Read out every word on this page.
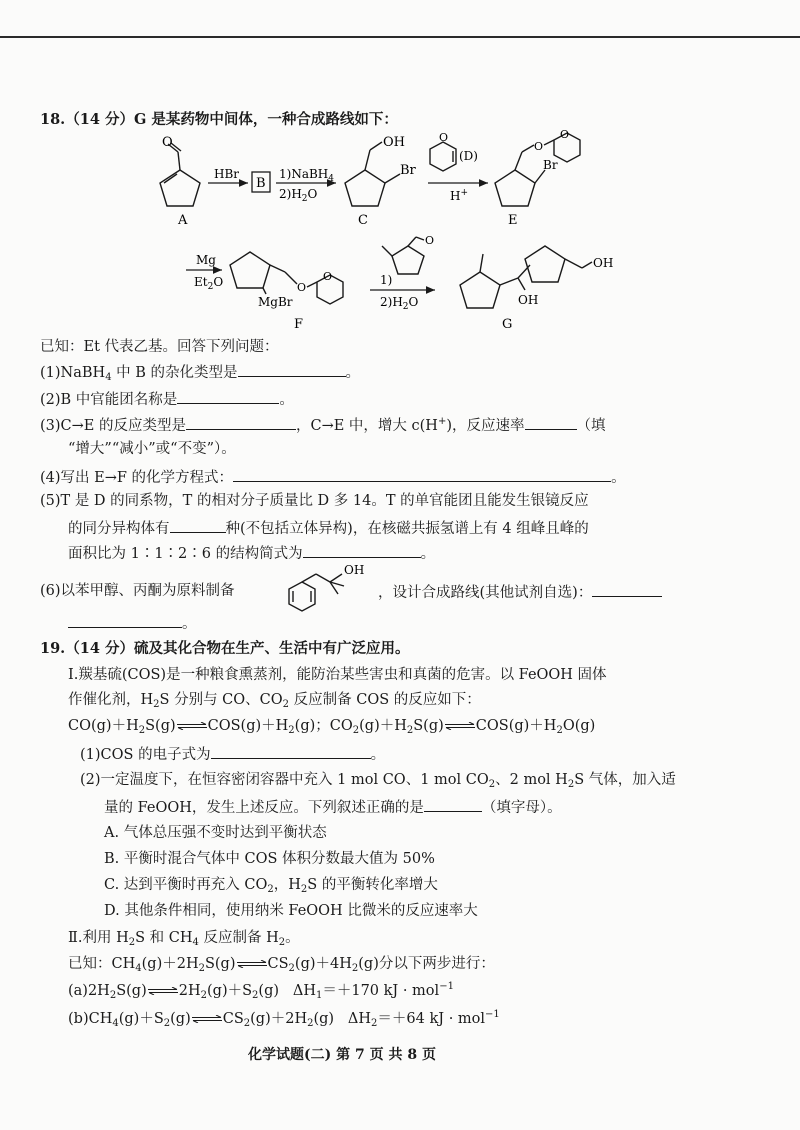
18.（14 分）G 是某药物中间体，一种合成路线如下：
O
A
HBr
B
1)NaBH$_4$
$2)H_2O$
OH
Br
C
O
(D)
H+
O
O
Br
E
Mg
$Et_2O$	O
O
MgBr
F
O
1)
$2)H_2O$	OH
OH
G
已知：Et 代表乙基。回答下列问题：
(1)NaBH$_4$ 中 B 的杂化类型是	。
(2)B 中官能团名称是	。
(3)C→E 的反应类型是	，C→E 中，增大 c(H+)，反应速率	（填
“增大”“减小”或“不变”）。
(4)写出 E→F 的化学方程式：	。
(5)T 是 D 的同系物，T 的相对分子质量比 D 多 14。T 的单官能团且能发生银镜反应
的同分异构体有	种(不包括立体异构)，在核磁共振氢谱上有 4 组峰且峰的
面积比为 1∶1∶2∶6 的结构简式为	。
(6)以苯甲醇、丙酮为原料制备
OH
，设计合成路线(其他试剂自选)：
。
19.（14 分）硫及其化合物在生产、生活中有广泛应用。
Ⅰ.羰基硫(COS)是一种粮食熏蒸剂，能防治某些害虫和真菌的危害。以 FeOOH 固体
作催化剂，$H_2S$ 分别与 CO、$CO_2$ 反应制备 COS 的反应如下：
$CO(g)+H_2S(g)\rightleftharpoons COS(g)+H_2(g)$；$CO_2(g)+H_2S(g)\rightleftharpoons COS(g)+H_2O(g)$
(1)COS 的电子式为	。
(2)一定温度下，在恒容密闭容器中充入 1 mol CO、1 mol $CO_2$、2 mol $H_2S$ 气体，加入适
量的 FeOOH，发生上述反应。下列叙述正确的是	（填字母）。
A. 气体总压强不变时达到平衡状态
B. 平衡时混合气体中 COS 体积分数最大值为 50%
C. 达到平衡时再充入 $CO_2$，$H_2S$ 的平衡转化率增大
D. 其他条件相同，使用纳米 FeOOH 比微米的反应速率大
Ⅱ.利用 $H_2S$ 和 $CH_4$ 反应制备 $H_2$。
已知：$CH_4(g)+2H_2S(g)\rightleftharpoons CS_2(g)+4H_2(g)$分以下两步进行：
$(a)2H_2S(g)\rightleftharpoons 2H_2(g)+S_2(g)$ $\Delta H_1=+170$ kJ · mol$^{-1}$
$(b)CH_4(g)+S_2(g)\rightleftharpoons CS_2(g)+2H_2(g)$ $\Delta H_2=+64$ kJ · mol$^{-1}$
化学试题(二) 第 7 页 共 8 页
